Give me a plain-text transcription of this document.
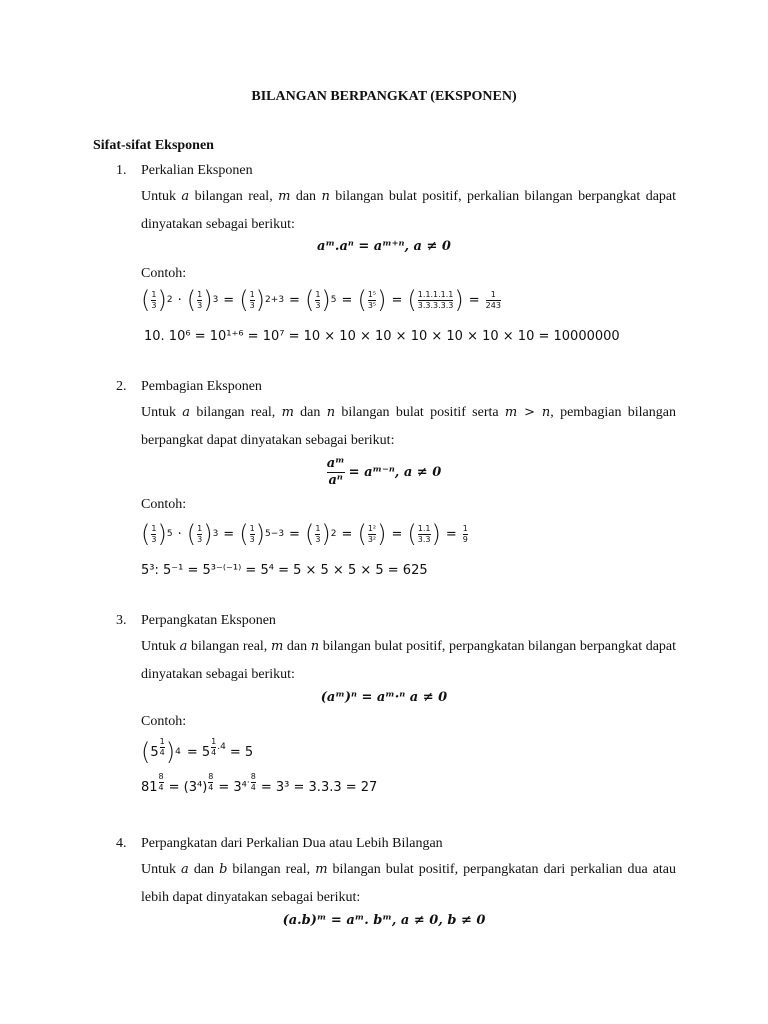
BILANGAN BERPANGKAT (EKSPONEN)
Sifat-sifat Eksponen
1. Perkalian Eksponen
Untuk a bilangan real, m dan n bilangan bulat positif, perkalian bilangan berpangkat dapat dinyatakan sebagai berikut:
aᵐ.aⁿ = aᵐ⁺ⁿ, a ≠ 0
Contoh:
( $\frac{1}{3}$ ) 2 · ( $\frac{1}{3}$ ) 3 = ( $\frac{1}{3}$ ) 2+3 = ( $\frac{1}{3}$ ) 5 = ( $\frac{\text{1⁵}}{\text{3⁵}}$ ) = ( $\frac{1.1.1.1.1}{3.3.3.3.3}$ ) = $\frac{1}{243}$
10. 10⁶ = 10¹⁺⁶ = 10⁷ = 10 × 10 × 10 × 10 × 10 × 10 × 10 = 10000000
2. Pembagian Eksponen
Untuk a bilangan real, m dan n bilangan bulat positif serta m > n, pembagian bilangan berpangkat dapat dinyatakan sebagai berikut:
aᵐ
aⁿ
= aᵐ⁻ⁿ, a ≠ 0
Contoh:
( $\frac{1}{3}$ ) 5 · ( $\frac{1}{3}$ ) 3 = ( $\frac{1}{3}$ ) 5−3 = ( $\frac{1}{3}$ ) 2 = ( $\frac{\text{1²}}{\text{3²}}$ ) = ( $\frac{1.1}{3.3}$ ) = $\frac{1}{9}$
5³: 5⁻¹ = 5³⁻⁽⁻¹⁾ = 5⁴ = 5 × 5 × 5 × 5 = 625
3. Perpangkatan Eksponen
Untuk a bilangan real, m dan n bilangan bulat positif, perpangkatan bilangan berpangkat dapat dinyatakan sebagai berikut:
(aᵐ)ⁿ = aᵐ·ⁿ a ≠ 0
Contoh:
( $5 \frac{1}{4}$ ) $4 = 5 \frac{1}{4} .4 = 5$
$81 \frac{8}{4} = (3^4) \frac{8}{4} = 3^4 \cdot \frac{8}{4} = 3^3 = 3.3.3 = 27$
4. Perpangkatan dari Perkalian Dua atau Lebih Bilangan
Untuk a dan b bilangan real, m bilangan bulat positif, perpangkatan dari perkalian dua atau lebih dapat dinyatakan sebagai berikut:
(a.b)ᵐ = aᵐ. bᵐ, a ≠ 0, b ≠ 0
